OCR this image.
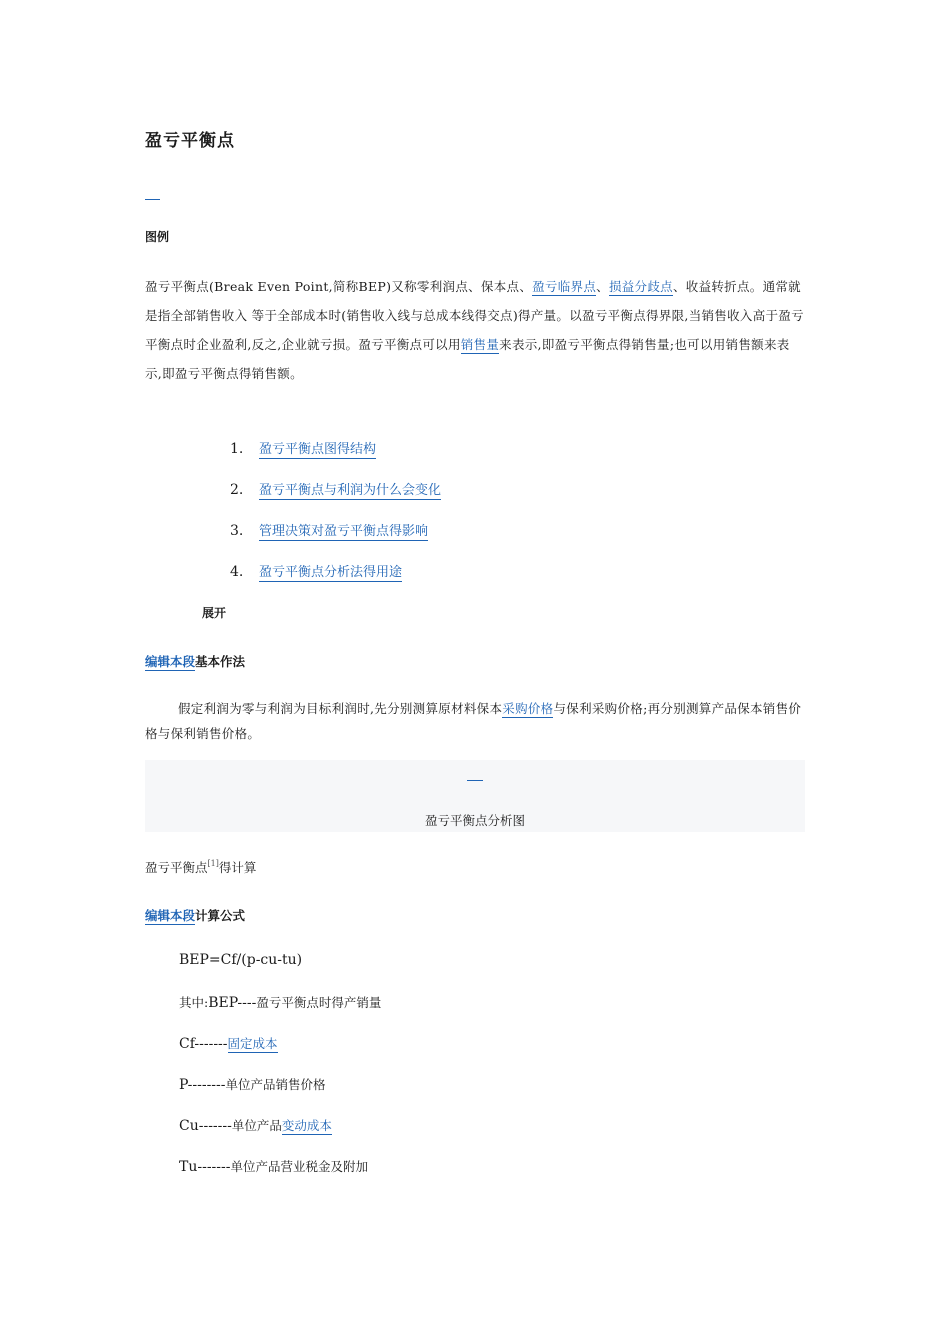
盈亏平衡点
图例
盈亏平衡点(Break Even Point,简称BEP)又称零利润点、保本点、盈亏临界点、损益分歧点、收益转折点。通常就是指全部销售收入 等于全部成本时(销售收入线与总成本线得交点)得产量。以盈亏平衡点得界限,当销售收入高于盈亏平衡点时企业盈利,反之,企业就亏损。盈亏平衡点可以用销售量来表示,即盈亏平衡点得销售量;也可以用销售额来表示,即盈亏平衡点得销售额。
1. 盈亏平衡点图得结构
2. 盈亏平衡点与利润为什么会变化
3. 管理决策对盈亏平衡点得影响
4. 盈亏平衡点分析法得用途
展开
编辑本段基本作法
假定利润为零与利润为目标利润时,先分别测算原材料保本采购价格与保利采购价格;再分别测算产品保本销售价格与保利销售价格。
盈亏平衡点分析图
盈亏平衡点[1]得计算
编辑本段计算公式
BEP=Cf/(p-cu-tu)
其中:BEP----盈亏平衡点时得产销量
Cf-------固定成本
P--------单位产品销售价格
Cu-------单位产品变动成本
Tu-------单位产品营业税金及附加
